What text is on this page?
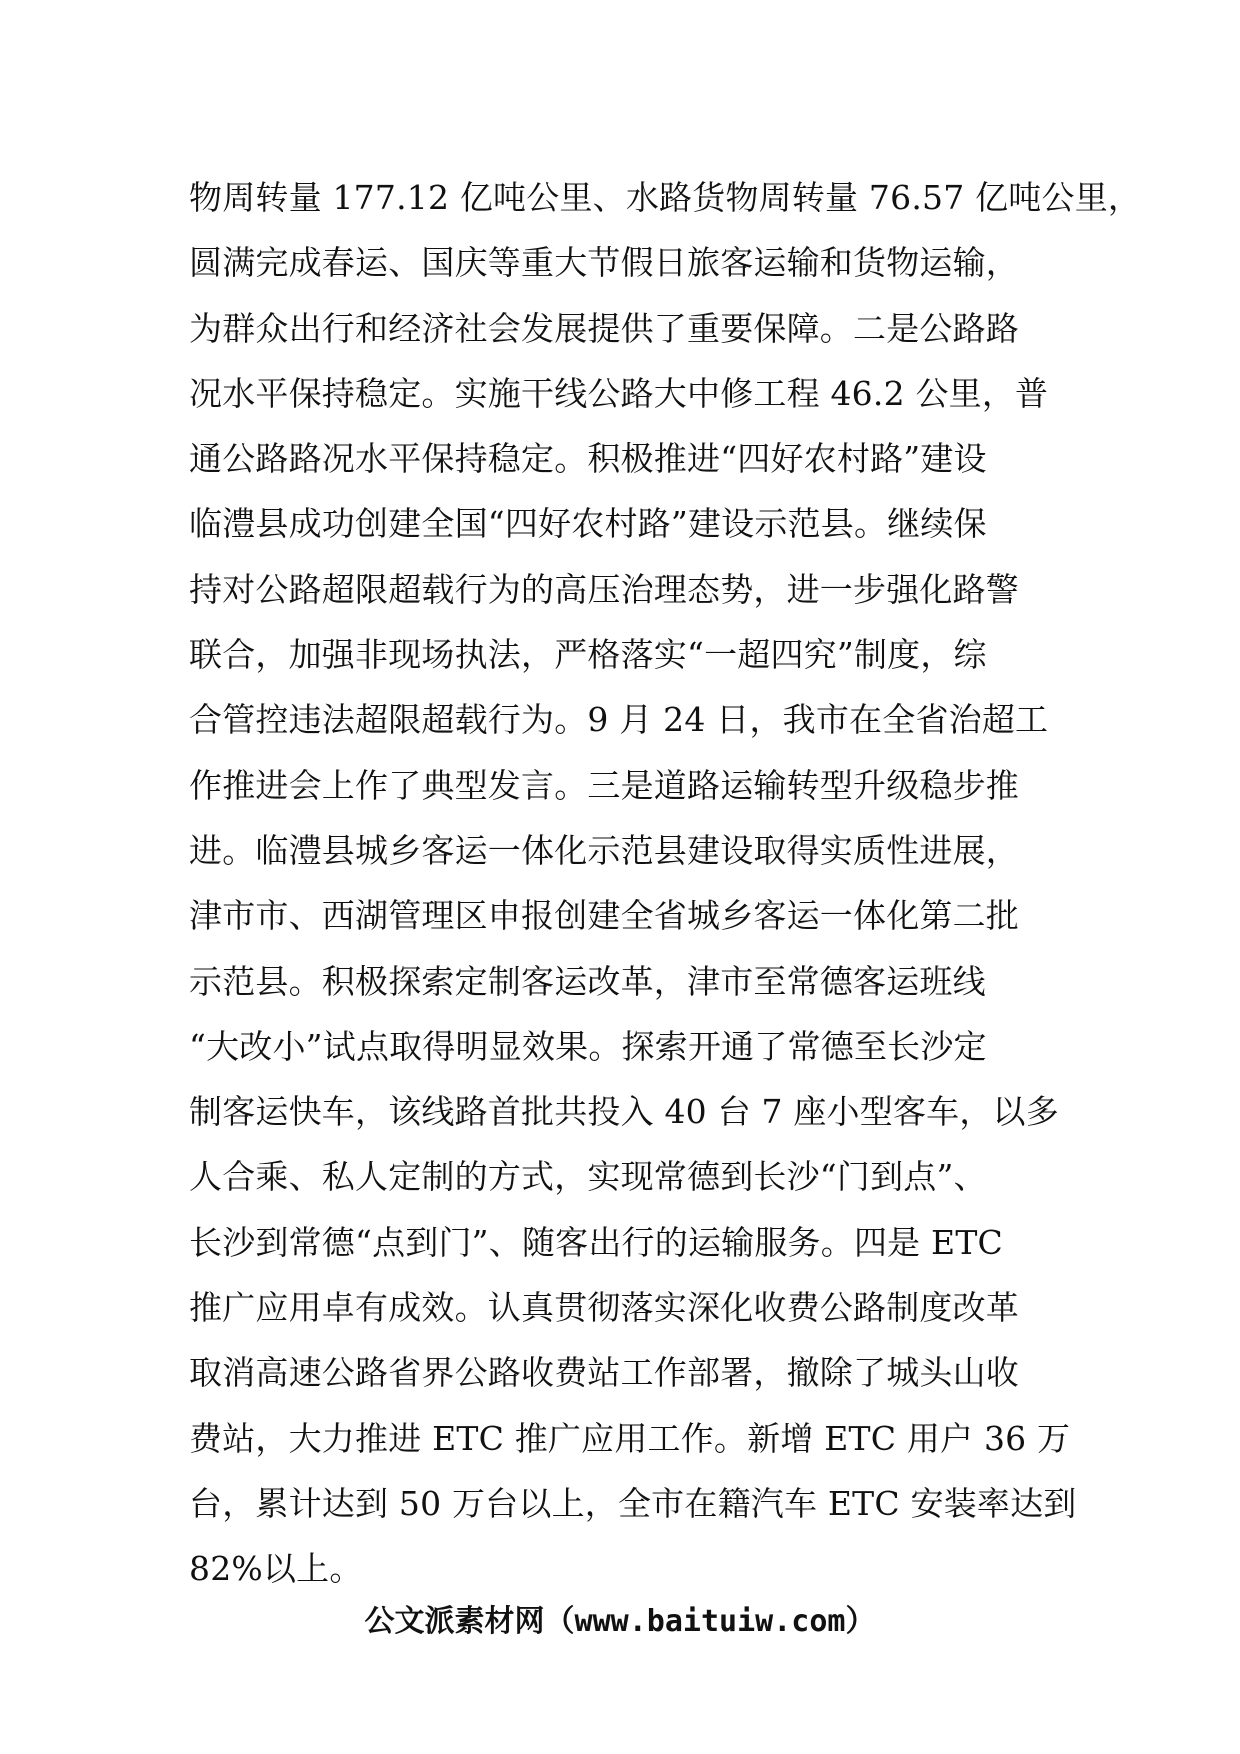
物周转量 177.12 亿吨公里、水路货物周转量 76.57 亿吨公里，
圆满完成春运、国庆等重大节假日旅客运输和货物运输，
为群众出行和经济社会发展提供了重要保障。二是公路路
况水平保持稳定。实施干线公路大中修工程 46.2 公里，普
通公路路况水平保持稳定。积极推进“四好农村路”建设
临澧县成功创建全国“四好农村路”建设示范县。继续保
持对公路超限超载行为的高压治理态势，进一步强化路警
联合，加强非现场执法，严格落实“一超四究”制度，综
合管控违法超限超载行为。9 月 24 日，我市在全省治超工
作推进会上作了典型发言。三是道路运输转型升级稳步推
进。临澧县城乡客运一体化示范县建设取得实质性进展，
津市市、西湖管理区申报创建全省城乡客运一体化第二批
示范县。积极探索定制客运改革，津市至常德客运班线
“大改小”试点取得明显效果。探索开通了常德至长沙定
制客运快车，该线路首批共投入 40 台 7 座小型客车，以多
人合乘、私人定制的方式，实现常德到长沙“门到点”、
长沙到常德“点到门”、随客出行的运输服务。四是 ETC
推广应用卓有成效。认真贯彻落实深化收费公路制度改革
取消高速公路省界公路收费站工作部署，撤除了城头山收
费站，大力推进 ETC 推广应用工作。新增 ETC 用户 36 万
台，累计达到 50 万台以上，全市在籍汽车 ETC 安装率达到
82%以上。
公文派素材网（www.baituiw.com）
